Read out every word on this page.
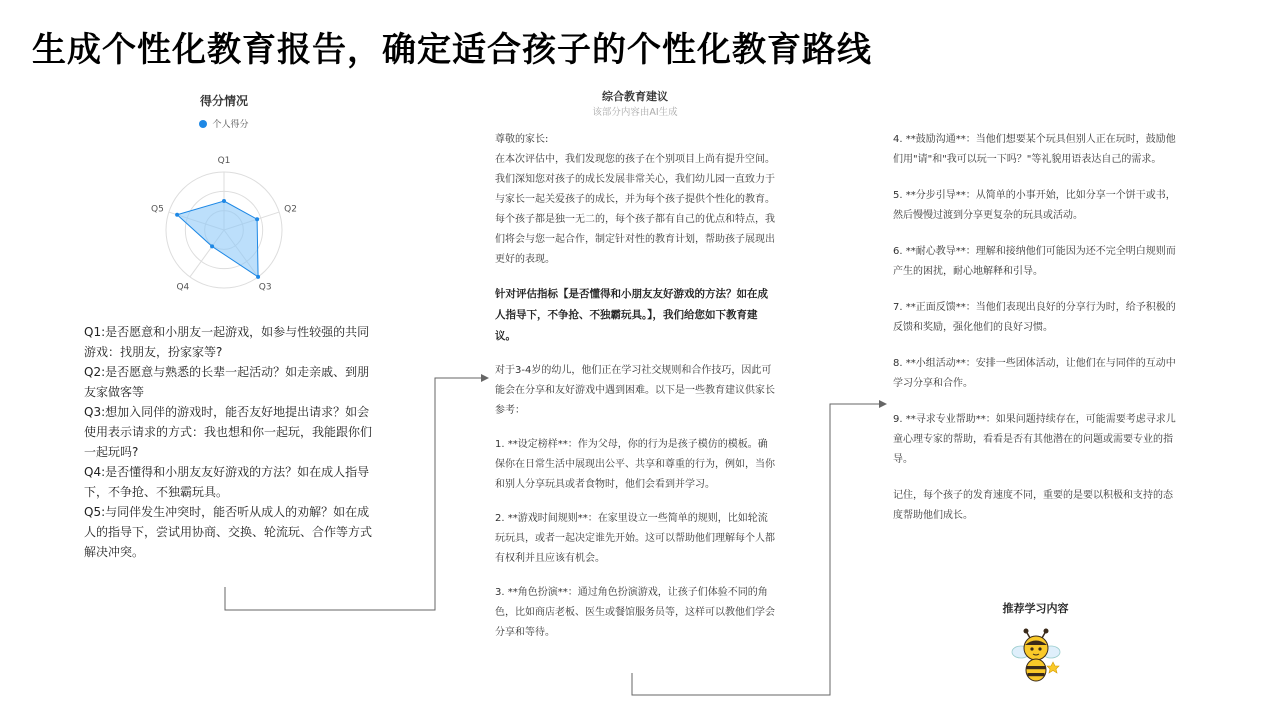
生成个性化教育报告，确定适合孩子的个性化教育路线
得分情况
个人得分
Q1
Q2
Q3
Q4
Q5

Q1:是否愿意和小朋友一起游戏，如参与性较强的共同游戏：找朋友，扮家家等?

Q2:是否愿意与熟悉的长辈一起活动？如走亲戚、到朋友家做客等

Q3:想加入同伴的游戏时，能否友好地提出请求？如会使用表示请求的方式：我也想和你一起玩，我能跟你们一起玩吗?

Q4:是否懂得和小朋友友好游戏的方法？如在成人指导下，不争抢、不独霸玩具。

Q5:与同伴发生冲突时，能否听从成人的劝解？如在成人的指导下，尝试用协商、交换、轮流玩、合作等方式解决冲突。

综合教育建议
该部分内容由AI生成

尊敬的家长:

在本次评估中，我们发现您的孩子在个别项目上尚有提升空间。我们深知您对孩子的成长发展非常关心，我们幼儿园一直致力于与家长一起关爱孩子的成长，并为每个孩子提供个性化的教育。每个孩子都是独一无二的，每个孩子都有自己的优点和特点，我们将会与您一起合作，制定针对性的教育计划，帮助孩子展现出更好的表现。

针对评估指标【是否懂得和小朋友友好游戏的方法？如在成人指导下，不争抢、不独霸玩具。】，我们给您如下教育建议。

对于3-4岁的幼儿，他们正在学习社交规则和合作技巧，因此可能会在分享和友好游戏中遇到困难。以下是一些教育建议供家长参考：

1. **设定榜样**：作为父母，你的行为是孩子模仿的模板。确保你在日常生活中展现出公平、共享和尊重的行为，例如，当你和别人分享玩具或者食物时，他们会看到并学习。

2. **游戏时间规则**：在家里设立一些简单的规则，比如轮流玩玩具，或者一起决定谁先开始。这可以帮助他们理解每个人都有权利并且应该有机会。

3. **角色扮演**：通过角色扮演游戏，让孩子们体验不同的角色，比如商店老板、医生或餐馆服务员等，这样可以教他们学会分享和等待。

4. **鼓励沟通**：当他们想要某个玩具但别人正在玩时，鼓励他们用"请"和"我可以玩一下吗？"等礼貌用语表达自己的需求。

5. **分步引导**：从简单的小事开始，比如分享一个饼干或书，然后慢慢过渡到分享更复杂的玩具或活动。

6. **耐心教导**：理解和接纳他们可能因为还不完全明白规则而产生的困扰，耐心地解释和引导。

7. **正面反馈**：当他们表现出良好的分享行为时，给予积极的反馈和奖励，强化他们的良好习惯。

8. **小组活动**：安排一些团体活动，让他们在与同伴的互动中学习分享和合作。

9. **寻求专业帮助**：如果问题持续存在，可能需要考虑寻求儿童心理专家的帮助，看看是否有其他潜在的问题或需要专业的指导。

记住，每个孩子的发育速度不同，重要的是要以积极和支持的态度帮助他们成长。

推荐学习内容
